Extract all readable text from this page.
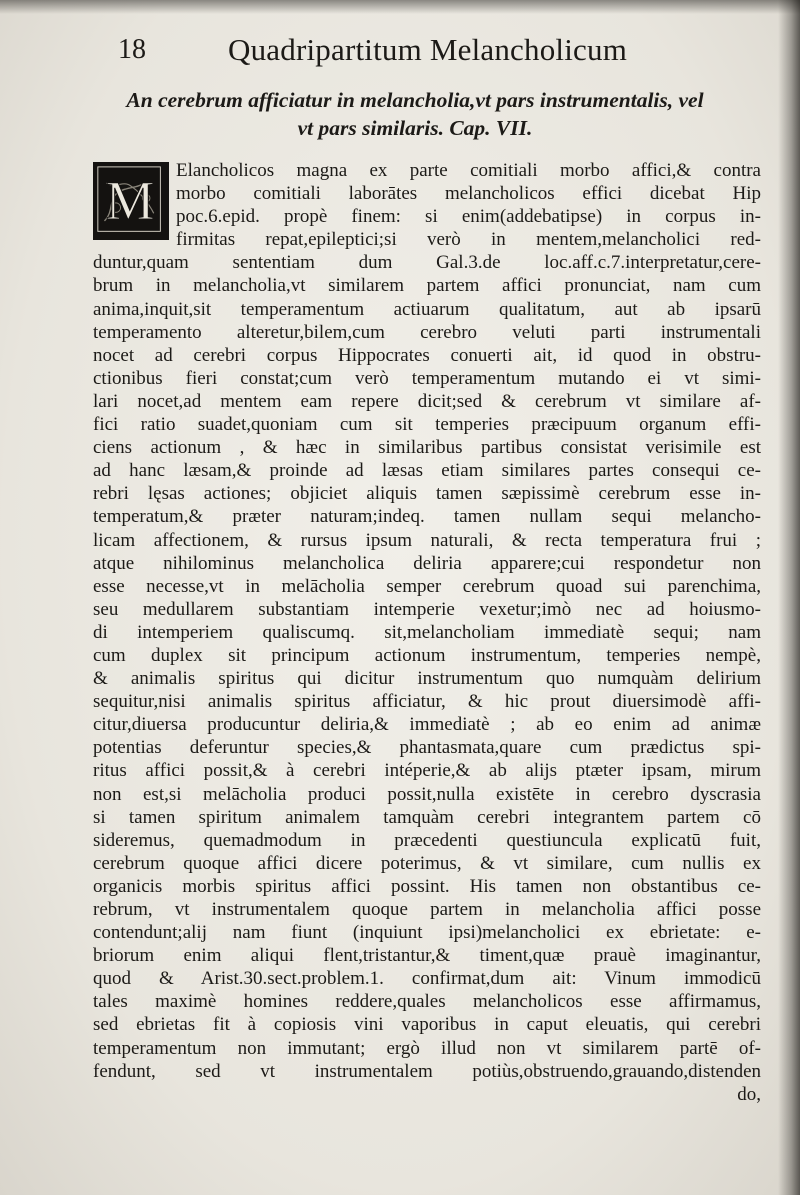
18	Quadripartitum Melancholicum
An cerebrum afficiatur in melancholia,vt pars instrumentalis, vel
vt pars similaris. Cap. VII.
M	Elancholicos magna ex parte comitiali morbo affici,& contra
morbo comitiali laborātes melancholicos effici dicebat Hip
poc.6.epid. propè finem: si enim(addebatipse) in corpus in-
firmitas repat,epileptici;si verò in mentem,melancholici red-
duntur,quam sententiam dum Gal.3.de loc.aff.c.7.interpretatur,cere-
brum in melancholia,vt similarem partem affici pronunciat, nam cum
anima,inquit,sit temperamentum actiuarum qualitatum, aut ab ipsarū
temperamento alteretur,bilem,cum cerebro veluti parti instrumentali
nocet ad cerebri corpus Hippocrates conuerti ait, id quod in obstru-
ctionibus fieri constat;cum verò temperamentum mutando ei vt simi-
lari nocet,ad mentem eam repere dicit;sed & cerebrum vt similare af-
fici ratio suadet,quoniam cum sit temperies præcipuum organum effi-
ciens actionum , & hæc in similaribus partibus consistat verisimile est
ad hanc læsam,& proinde ad læsas etiam similares partes consequi ce-
rebri lęsas actiones; objiciet aliquis tamen sæpissimè cerebrum esse in-
temperatum,& præter naturam;indeq. tamen nullam sequi melancho-
licam affectionem, & rursus ipsum naturali, & recta temperatura frui ;
atque nihilominus melancholica deliria apparere;cui respondetur non
esse necesse,vt in melācholia semper cerebrum quoad sui parenchima,
seu medullarem substantiam intemperie vexetur;imò nec ad hoiusmo-
di intemperiem qualiscumq. sit,melancholiam immediatè sequi; nam
cum duplex sit principum actionum instrumentum, temperies nempè,
& animalis spiritus qui dicitur instrumentum quo numquàm delirium
sequitur,nisi animalis spiritus afficiatur, & hic prout diuersimodè affi-
citur,diuersa producuntur deliria,& immediatè ; ab eo enim ad animæ
potentias deferuntur species,& phantasmata,quare cum prædictus spi-
ritus affici possit,& à cerebri intéperie,& ab alijs ptæter ipsam, mirum
non est,si melācholia produci possit,nulla existēte in cerebro dyscrasia
si tamen spiritum animalem tamquàm cerebri integrantem partem cō
sideremus, quemadmodum in præcedenti questiuncula explicatū fuit,
cerebrum quoque affici dicere poterimus, & vt similare, cum nullis ex
organicis morbis spiritus affici possint. His tamen non obstantibus ce-
rebrum, vt instrumentalem quoque partem in melancholia affici posse
contendunt;alij nam fiunt (inquiunt ipsi)melancholici ex ebrietate: e-
briorum enim aliqui flent,tristantur,& timent,quæ prauè imaginantur,
quod & Arist.30.sect.problem.1. confirmat,dum ait: Vinum immodicū
tales maximè homines reddere,quales melancholicos esse affirmamus,
sed ebrietas fit à copiosis vini vaporibus in caput eleuatis, qui cerebri
temperamentum non immutant; ergò illud non vt similarem partē of-
fendunt, sed vt instrumentalem potiùs,obstruendo,grauando,distenden
do,
